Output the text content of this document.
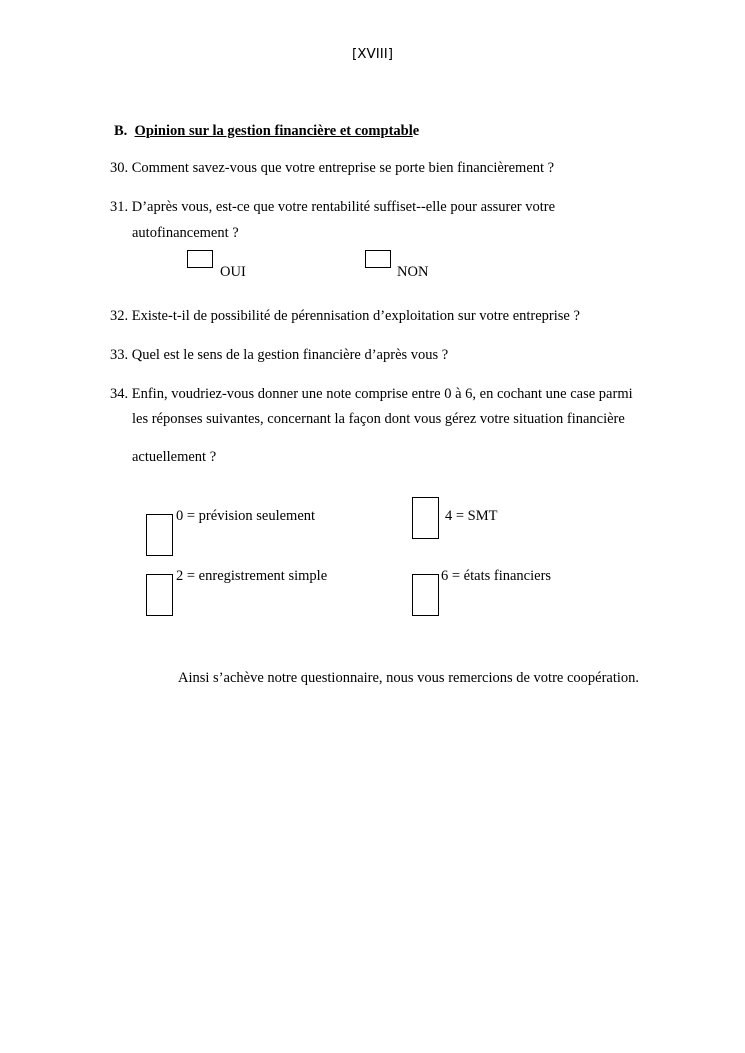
[XVIII]
B. Opinion sur la gestion financière et comptable
30. Comment savez-vous que votre entreprise se porte bien financièrement ?
31. D’après vous, est-ce que votre rentabilité suffiset--elle pour assurer votre
autofinancement ?
OUI	NON
32. Existe-t-il de possibilité de pérennisation d’exploitation sur votre entreprise ?
33. Quel est le sens de la gestion financière d’après vous ?
34. Enfin, voudriez-vous donner une note comprise entre 0 à 6, en cochant une case parmi
les réponses suivantes, concernant la façon dont vous gérez votre situation financière
actuellement ?
0 = prévision seulement	4 = SMT
2 = enregistrement simple	6 = états financiers
Ainsi s’achève notre questionnaire, nous vous remercions de votre coopération.
